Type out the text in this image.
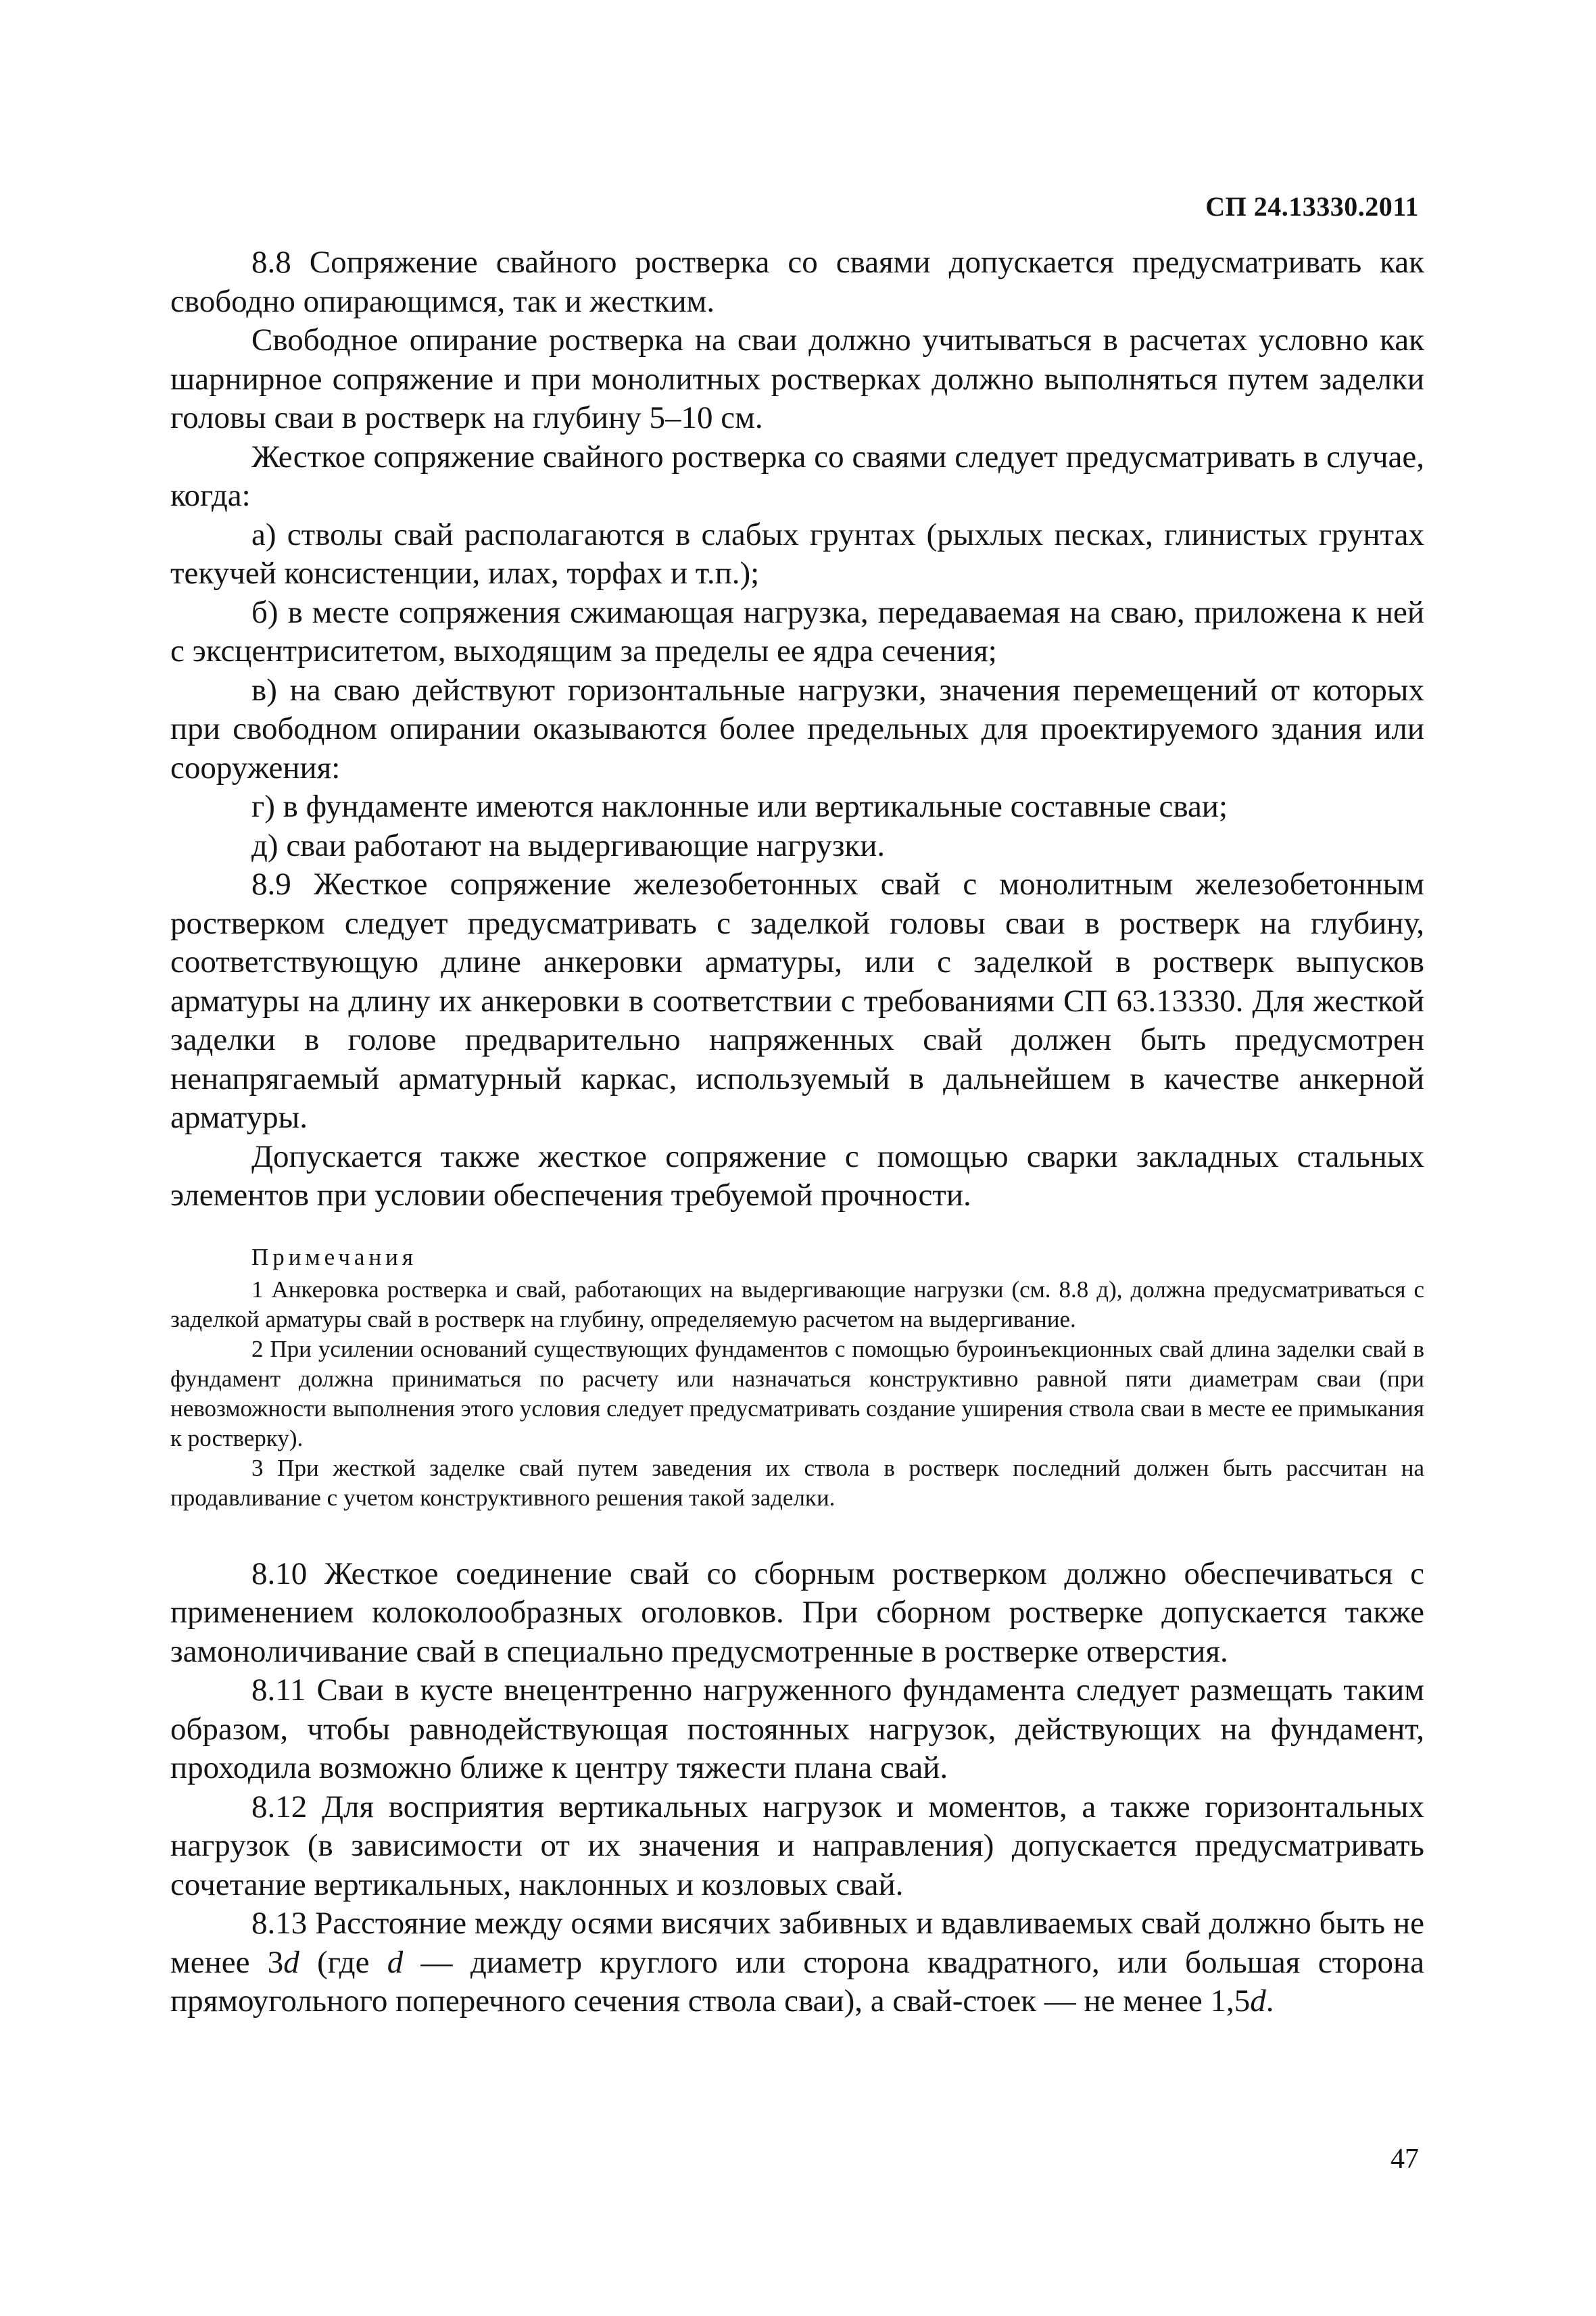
СП 24.13330.2011

8.8 Сопряжение свайного ростверка со сваями допускается предусматривать как свободно опирающимся, так и жестким.

Свободное опирание ростверка на сваи должно учитываться в расчетах условно как шарнирное сопряжение и при монолитных ростверках должно выполняться путем заделки головы сваи в ростверк на глубину 5–10 см.

Жесткое сопряжение свайного ростверка со сваями следует предусматривать в случае, когда:

а) стволы свай располагаются в слабых грунтах (рыхлых песках, глинистых грунтах текучей консистенции, илах, торфах и т.п.);

б) в месте сопряжения сжимающая нагрузка, передаваемая на сваю, приложена к ней с эксцентриситетом, выходящим за пределы ее ядра сечения;

в) на сваю действуют горизонтальные нагрузки, значения перемещений от которых при свободном опирании оказываются более предельных для проектируемого здания или сооружения:

г) в фундаменте имеются наклонные или вертикальные составные сваи;

д) сваи работают на выдергивающие нагрузки.

8.9 Жесткое сопряжение железобетонных свай с монолитным железобетонным ростверком следует предусматривать с заделкой головы сваи в ростверк на глубину, соответствующую длине анкеровки арматуры, или с заделкой в ростверк выпусков арматуры на длину их анкеровки в соответствии с требованиями СП 63.13330. Для жесткой заделки в голове предварительно напряженных свай должен быть предусмотрен ненапрягаемый арматурный каркас, используемый в дальнейшем в качестве анкерной арматуры.

Допускается также жесткое сопряжение с помощью сварки закладных стальных элементов при условии обеспечения требуемой прочности.

Примечания

1 Анкеровка ростверка и свай, работающих на выдергивающие нагрузки (см. 8.8 д), должна предусматриваться с заделкой арматуры свай в ростверк на глубину, определяемую расчетом на выдергивание.

2 При усилении оснований существующих фундаментов с помощью буроинъекционных свай длина заделки свай в фундамент должна приниматься по расчету или назначаться конструктивно равной пяти диаметрам сваи (при невозможности выполнения этого условия следует предусматривать создание уширения ствола сваи в месте ее примыкания к ростверку).

3 При жесткой заделке свай путем заведения их ствола в ростверк последний должен быть рассчитан на продавливание с учетом конструктивного решения такой заделки.

8.10 Жесткое соединение свай со сборным ростверком должно обеспечиваться с применением колоколообразных оголовков. При сборном ростверке допускается также замоноличивание свай в специально предусмотренные в ростверке отверстия.

8.11 Сваи в кусте внецентренно нагруженного фундамента следует размещать таким образом, чтобы равнодействующая постоянных нагрузок, действующих на фундамент, проходила возможно ближе к центру тяжести плана свай.

8.12 Для восприятия вертикальных нагрузок и моментов, а также горизонтальных нагрузок (в зависимости от их значения и направления) допускается предусматривать сочетание вертикальных, наклонных и козловых свай.

8.13 Расстояние между осями висячих забивных и вдавливаемых свай должно быть не менее 3d (где d — диаметр круглого или сторона квадратного, или большая сторона прямоугольного поперечного сечения ствола сваи), а свай-стоек — не менее 1,5d.

47
